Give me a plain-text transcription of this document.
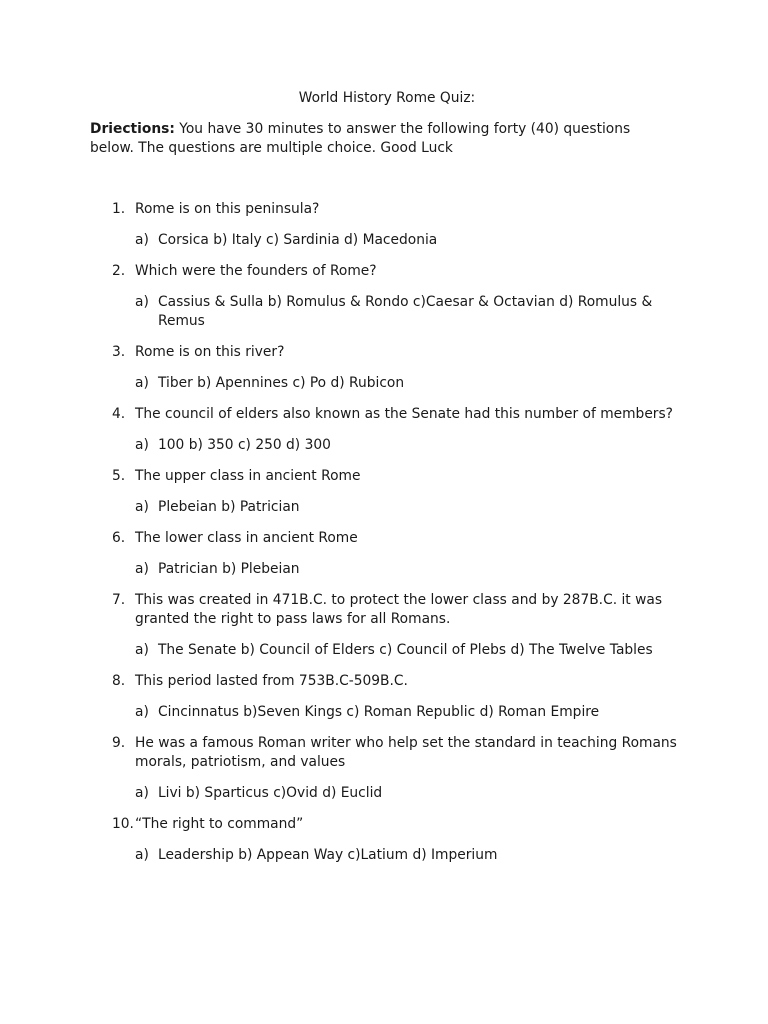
World History Rome Quiz:
Driections: You have 30 minutes to answer the following forty (40) questions below. The questions are multiple choice. Good Luck
1. Rome is on this peninsula?
a) Corsica b) Italy c) Sardinia d) Macedonia
2. Which were the founders of Rome?
a) Cassius & Sulla b) Romulus & Rondo c)Caesar & Octavian d) Romulus & Remus
3. Rome is on this river?
a) Tiber b) Apennines c) Po d) Rubicon
4. The council of elders also known as the Senate had this number of members?
a) 100 b) 350 c) 250 d) 300
5. The upper class in ancient Rome
a) Plebeian b) Patrician
6. The lower class in ancient Rome
a) Patrician b) Plebeian
7. This was created in 471B.C. to protect the lower class and by 287B.C. it was granted the right to pass laws for all Romans.
a) The Senate b) Council of Elders c) Council of Plebs d) The Twelve Tables
8. This period lasted from 753B.C-509B.C.
a) Cincinnatus b)Seven Kings c) Roman Republic d) Roman Empire
9. He was a famous Roman writer who help set the standard in teaching Romans morals, patriotism, and values
a) Livi b) Sparticus c)Ovid d) Euclid
10. “The right to command”
a) Leadership b) Appean Way c)Latium d) Imperium
